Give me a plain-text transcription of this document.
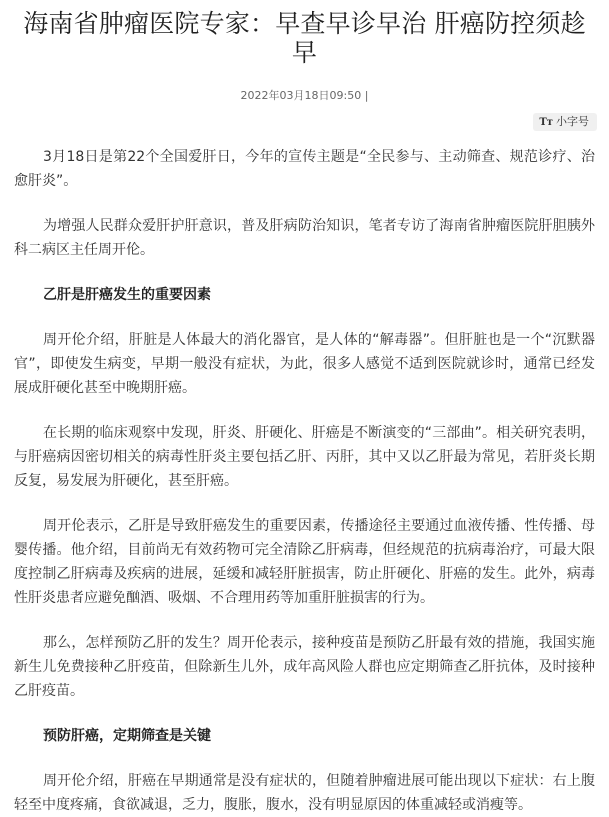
海南省肿瘤医院专家：早查早诊早治 肝癌防控须趁早
2022年03月18日09:50 |
Tт 小字号

3月18日是第22个全国爱肝日，今年的宣传主题是“全民参与、主动筛查、规范诊疗、治愈肝炎”。

为增强人民群众爱肝护肝意识，普及肝病防治知识，笔者专访了海南省肿瘤医院肝胆胰外科二病区主任周开伦。

乙肝是肝癌发生的重要因素

周开伦介绍，肝脏是人体最大的消化器官，是人体的“解毒器”。但肝脏也是一个“沉默器官”，即使发生病变，早期一般没有症状，为此，很多人感觉不适到医院就诊时，通常已经发展成肝硬化甚至中晚期肝癌。

在长期的临床观察中发现，肝炎、肝硬化、肝癌是不断演变的“三部曲”。相关研究表明，与肝癌病因密切相关的病毒性肝炎主要包括乙肝、丙肝，其中又以乙肝最为常见，若肝炎长期反复，易发展为肝硬化，甚至肝癌。

周开伦表示，乙肝是导致肝癌发生的重要因素，传播途径主要通过血液传播、性传播、母婴传播。他介绍，目前尚无有效药物可完全清除乙肝病毒，但经规范的抗病毒治疗，可最大限度控制乙肝病毒及疾病的进展，延缓和减轻肝脏损害，防止肝硬化、肝癌的发生。此外，病毒性肝炎患者应避免酗酒、吸烟、不合理用药等加重肝脏损害的行为。

那么，怎样预防乙肝的发生？周开伦表示，接种疫苗是预防乙肝最有效的措施，我国实施新生儿免费接种乙肝疫苗，但除新生儿外，成年高风险人群也应定期筛查乙肝抗体，及时接种乙肝疫苗。

预防肝癌，定期筛查是关键

周开伦介绍，肝癌在早期通常是没有症状的，但随着肿瘤进展可能出现以下症状：右上腹轻至中度疼痛，食欲减退，乏力，腹胀，腹水，没有明显原因的体重减轻或消瘦等。
